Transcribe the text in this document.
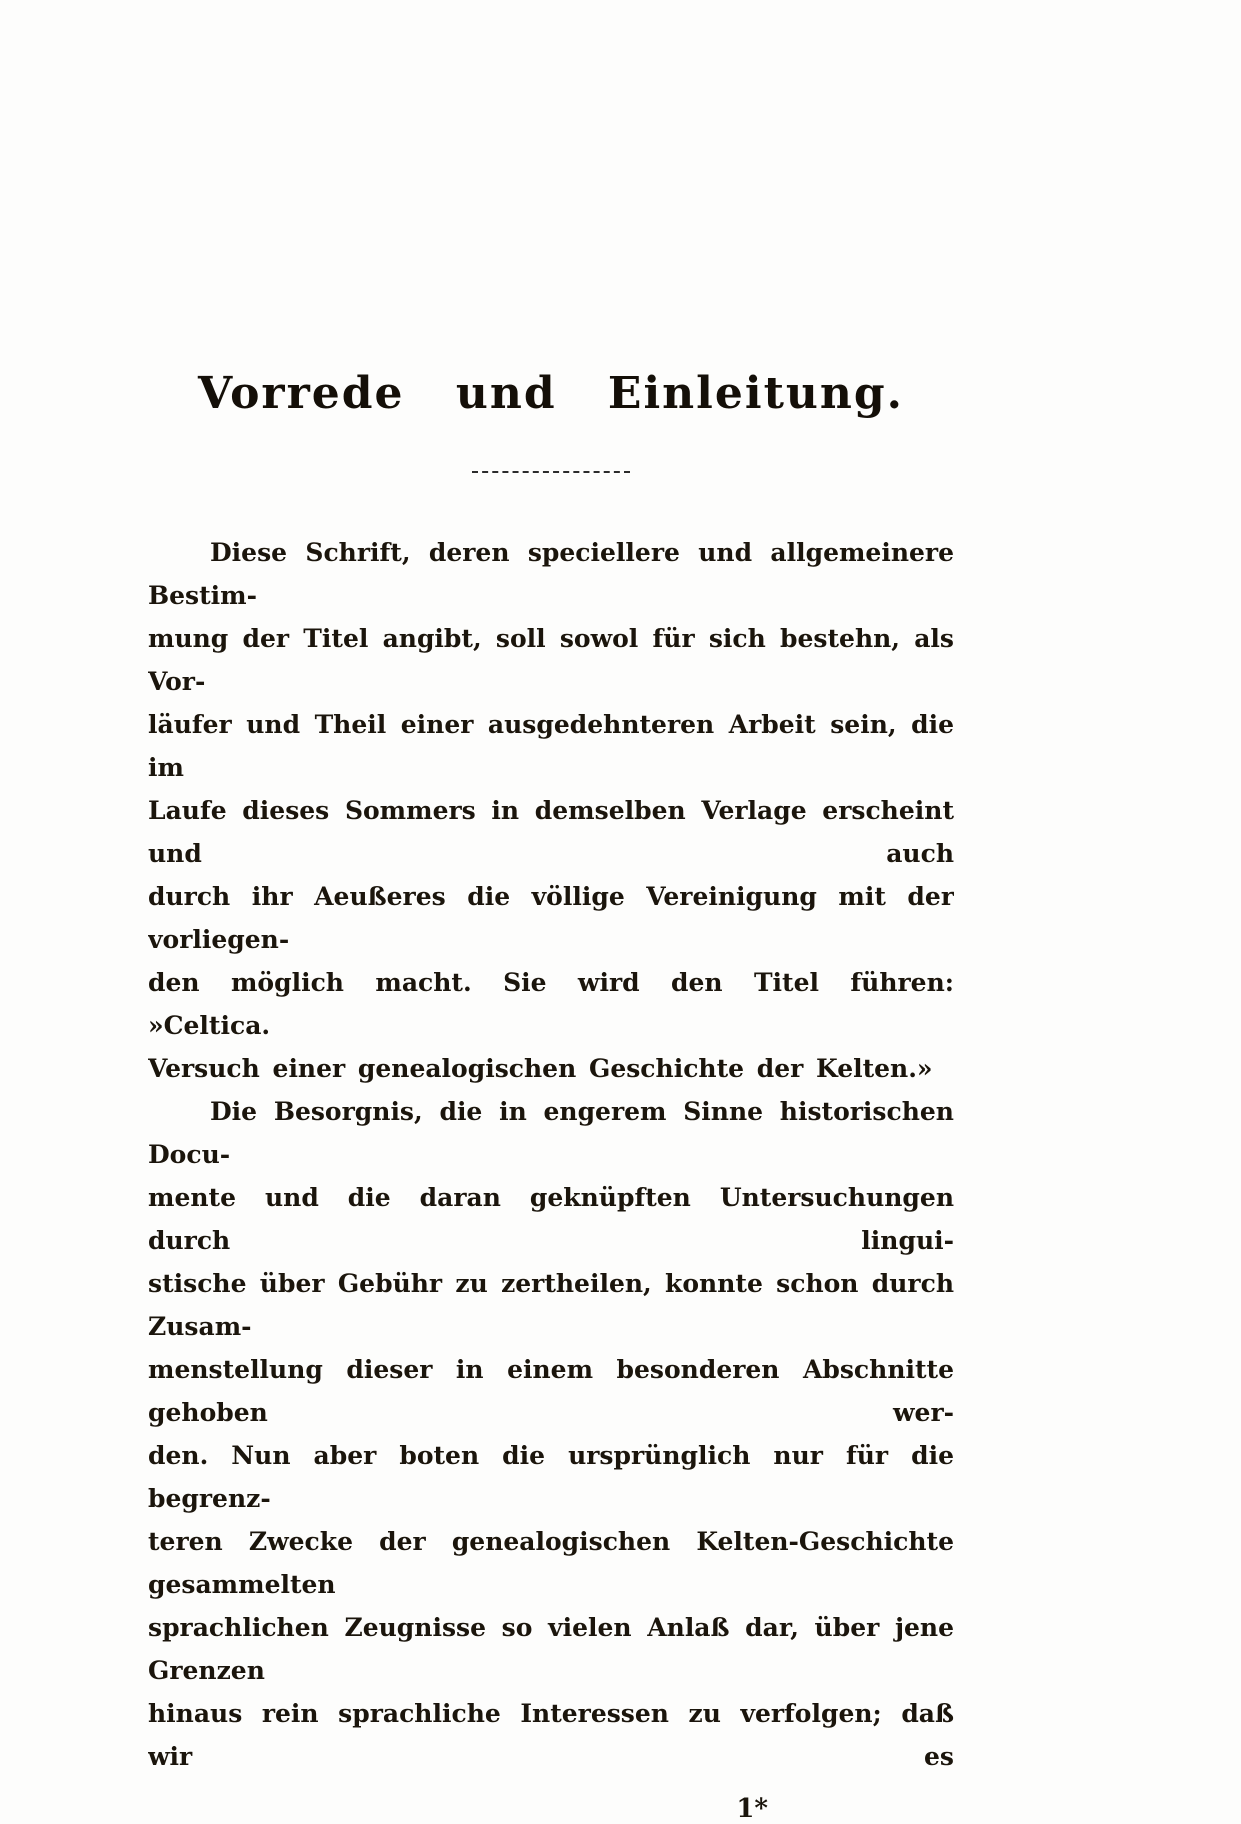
Vorrede und Einleitung.
Diese Schrift, deren speciellere und allgemeinere Bestim-
mung der Titel angibt, soll sowol für sich bestehn, als Vor-
läufer und Theil einer ausgedehnteren Arbeit sein, die im
Laufe dieses Sommers in demselben Verlage erscheint und auch
durch ihr Aeußeres die völlige Vereinigung mit der vorliegen-
den möglich macht. Sie wird den Titel führen: »Celtica.
Versuch einer genealogischen Geschichte der Kelten.»
Die Besorgnis, die in engerem Sinne historischen Docu-
mente und die daran geknüpften Untersuchungen durch lingui-
stische über Gebühr zu zertheilen, konnte schon durch Zusam-
menstellung dieser in einem besonderen Abschnitte gehoben wer-
den. Nun aber boten die ursprünglich nur für die begrenz-
teren Zwecke der genealogischen Kelten-Geschichte gesammelten
sprachlichen Zeugnisse so vielen Anlaß dar, über jene Grenzen
hinaus rein sprachliche Interessen zu verfolgen; daß wir es
1*
